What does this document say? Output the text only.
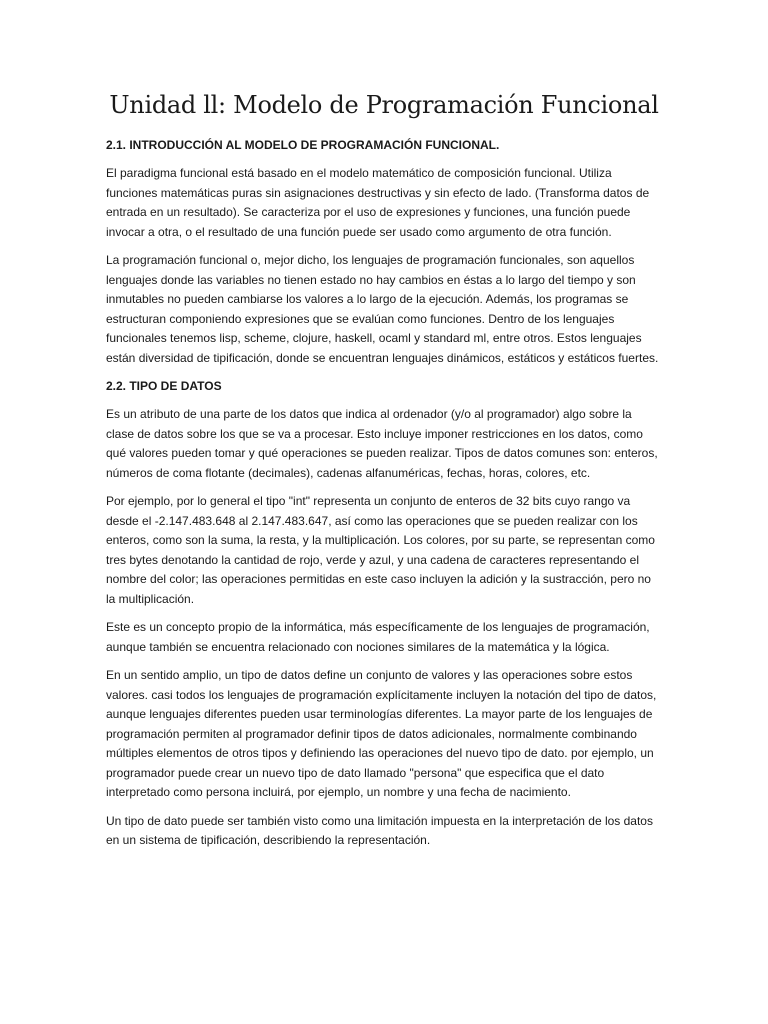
Unidad ll: Modelo de Programación Funcional
2.1. INTRODUCCIÓN AL MODELO DE PROGRAMACIÓN FUNCIONAL.

El paradigma funcional está basado en el modelo matemático de composición funcional. Utiliza funciones matemáticas puras sin asignaciones destructivas y sin efecto de lado. (Transforma datos de entrada en un resultado). Se caracteriza por el uso de expresiones y funciones, una función puede invocar a otra, o el resultado de una función puede ser usado como argumento de otra función.

La programación funcional o, mejor dicho, los lenguajes de programación funcionales, son aquellos lenguajes donde las variables no tienen estado no hay cambios en éstas a lo largo del tiempo y son inmutables no pueden cambiarse los valores a lo largo de la ejecución. Además, los programas se estructuran componiendo expresiones que se evalúan como funciones. Dentro de los lenguajes funcionales tenemos lisp, scheme, clojure, haskell, ocaml y standard ml, entre otros. Estos lenguajes están diversidad de tipificación, donde se encuentran lenguajes dinámicos, estáticos y estáticos fuertes.

2.2. TIPO DE DATOS

Es un atributo de una parte de los datos que indica al ordenador (y/o al programador) algo sobre la clase de datos sobre los que se va a procesar. Esto incluye imponer restricciones en los datos, como qué valores pueden tomar y qué operaciones se pueden realizar. Tipos de datos comunes son: enteros, números de coma flotante (decimales), cadenas alfanuméricas, fechas, horas, colores, etc.

Por ejemplo, por lo general el tipo "int" representa un conjunto de enteros de 32 bits cuyo rango va desde el -2.147.483.648 al 2.147.483.647, así como las operaciones que se pueden realizar con los enteros, como son la suma, la resta, y la multiplicación. Los colores, por su parte, se representan como tres bytes denotando la cantidad de rojo, verde y azul, y una cadena de caracteres representando el nombre del color; las operaciones permitidas en este caso incluyen la adición y la sustracción, pero no la multiplicación.

Este es un concepto propio de la informática, más específicamente de los lenguajes de programación, aunque también se encuentra relacionado con nociones similares de la matemática y la lógica.

En un sentido amplio, un tipo de datos define un conjunto de valores y las operaciones sobre estos valores. casi todos los lenguajes de programación explícitamente incluyen la notación del tipo de datos, aunque lenguajes diferentes pueden usar terminologías diferentes. La mayor parte de los lenguajes de programación permiten al programador definir tipos de datos adicionales, normalmente combinando múltiples elementos de otros tipos y definiendo las operaciones del nuevo tipo de dato. por ejemplo, un programador puede crear un nuevo tipo de dato llamado "persona" que especifica que el dato interpretado como persona incluirá, por ejemplo, un nombre y una fecha de nacimiento.

Un tipo de dato puede ser también visto como una limitación impuesta en la interpretación de los datos en un sistema de tipificación, describiendo la representación.
